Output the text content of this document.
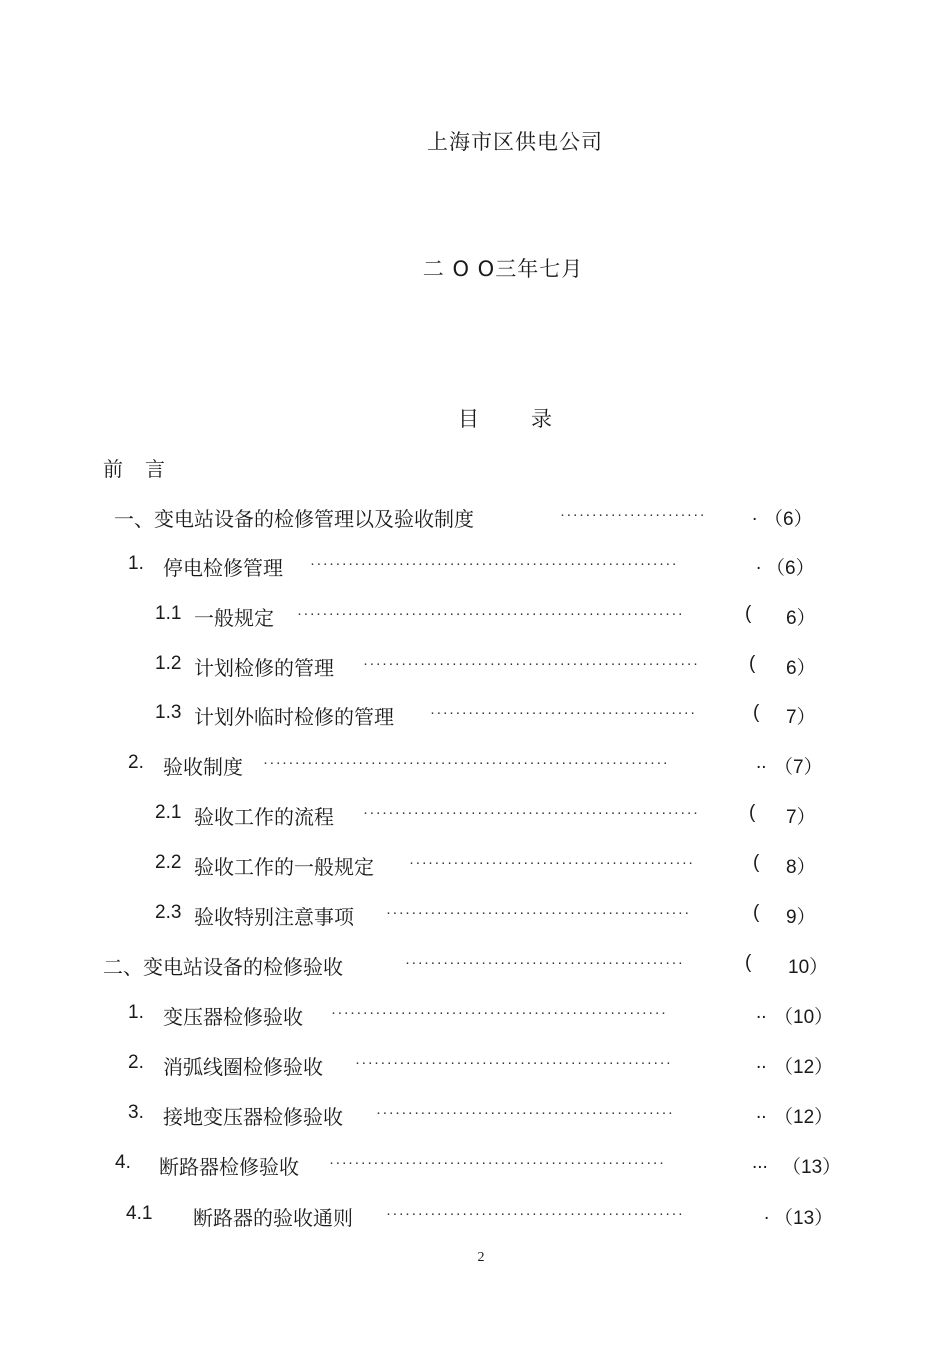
上海市区供电公司
二 O O三年七月
目 录
前 言
一、变电站设备的检修管理以及验收制度	·······················	. （6）
1. 停电检修管理 ··························································	. （6）
1.1 一般规定 ·····························································	( 6）
1.2 计划检修的管理 ·····················································	( 6）
1.3 计划外临时检修的管理 ··········································	( 7）
2. 验收制度 ································································	.. （7）
2.1 验收工作的流程 ·····················································	( 7）
2.2 验收工作的一般规定 ·············································	( 8）
2.3 验收特别注意事项 ················································	( 9）
二、变电站设备的检修验收	············································	( 10）
1. 变压器检修验收 ·····················································	.. （10）
2. 消弧线圈检修验收 ··················································	.. （12）
3. 接地变压器检修验收 ···············································	.. （12）
4. 断路器检修验收 ·····················································	... （13）
4.1 断路器的验收通则 ···············································	. （13）
2
